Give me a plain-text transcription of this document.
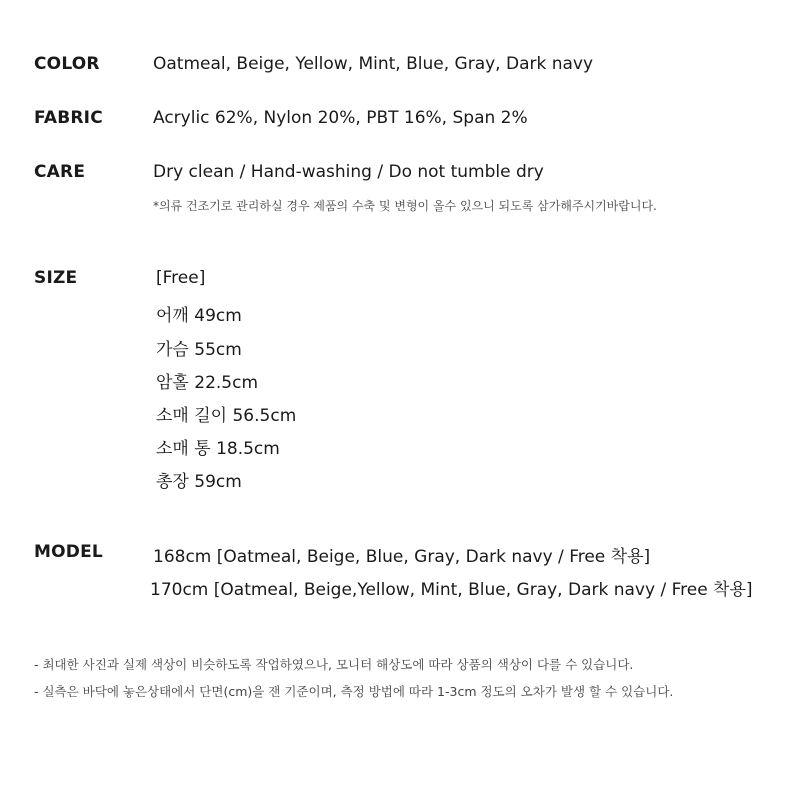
COLOR	Oatmeal, Beige, Yellow, Mint, Blue, Gray, Dark navy
FABRIC	Acrylic 62%, Nylon 20%, PBT 16%, Span 2%
CARE	Dry clean / Hand-washing / Do not tumble dry
*의류 건조기로 관리하실 경우 제품의 수축 및 변형이 올수 있으니 되도록 삼가해주시기바랍니다.
SIZE	[Free]
어깨 49cm
가슴 55cm
암홀 22.5cm
소매 길이 56.5cm
소매 통 18.5cm
총장 59cm
MODEL	168cm [Oatmeal, Beige, Blue, Gray, Dark navy / Free 착용]
170cm [Oatmeal, Beige,Yellow, Mint, Blue, Gray, Dark navy / Free 착용]
- 최대한 사진과 실제 색상이 비슷하도록 작업하였으나, 모니터 해상도에 따라 상품의 색상이 다를 수 있습니다.
- 실측은 바닥에 놓은상태에서 단면(cm)을 잰 기준이며, 측정 방법에 따라 1-3cm 정도의 오차가 발생 할 수 있습니다.
